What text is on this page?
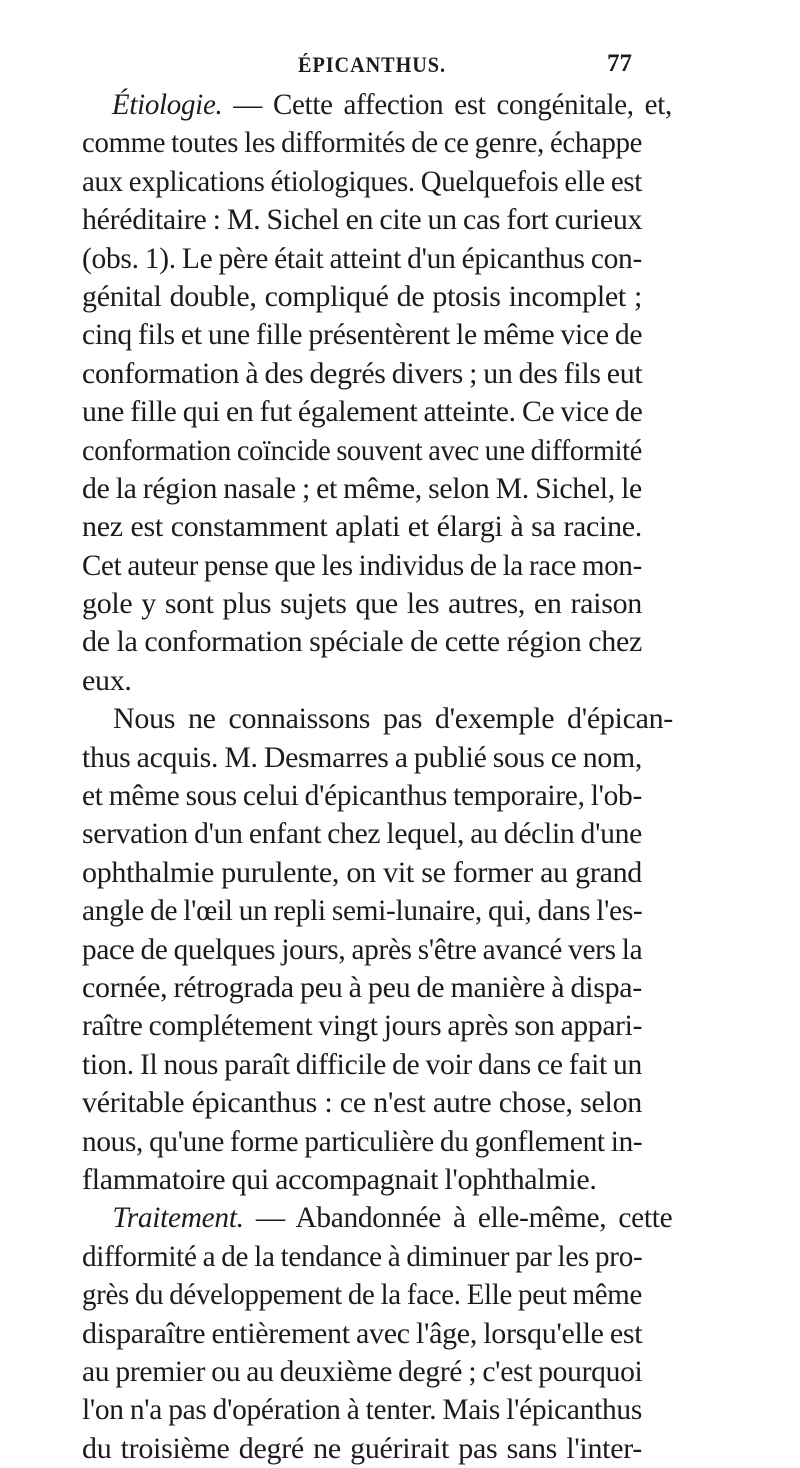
ÉPICANTHUS.	77
Étiologie. — Cette affection est congénitale, et,
comme toutes les difformités de ce genre, échappe
aux explications étiologiques. Quelquefois elle est
héréditaire : M. Sichel en cite un cas fort curieux
(obs. 1). Le père était atteint d'un épicanthus con-
génital double, compliqué de ptosis incomplet ;
cinq fils et une fille présentèrent le même vice de
conformation à des degrés divers ; un des fils eut
une fille qui en fut également atteinte. Ce vice de
conformation coïncide souvent avec une difformité
de la région nasale ; et même, selon M. Sichel, le
nez est constamment aplati et élargi à sa racine.
Cet auteur pense que les individus de la race mon-
gole y sont plus sujets que les autres, en raison
de la conformation spéciale de cette région chez
eux.
Nous ne connaissons pas d'exemple d'épican-
thus acquis. M. Desmarres a publié sous ce nom,
et même sous celui d'épicanthus temporaire, l'ob-
servation d'un enfant chez lequel, au déclin d'une
ophthalmie purulente, on vit se former au grand
angle de l'œil un repli semi-lunaire, qui, dans l'es-
pace de quelques jours, après s'être avancé vers la
cornée, rétrograda peu à peu de manière à dispa-
raître complétement vingt jours après son appari-
tion. Il nous paraît difficile de voir dans ce fait un
véritable épicanthus : ce n'est autre chose, selon
nous, qu'une forme particulière du gonflement in-
flammatoire qui accompagnait l'ophthalmie.
Traitement. — Abandonnée à elle-même, cette
difformité a de la tendance à diminuer par les pro-
grès du développement de la face. Elle peut même
disparaître entièrement avec l'âge, lorsqu'elle est
au premier ou au deuxième degré ; c'est pourquoi
l'on n'a pas d'opération à tenter. Mais l'épicanthus
du troisième degré ne guérirait pas sans l'inter-
